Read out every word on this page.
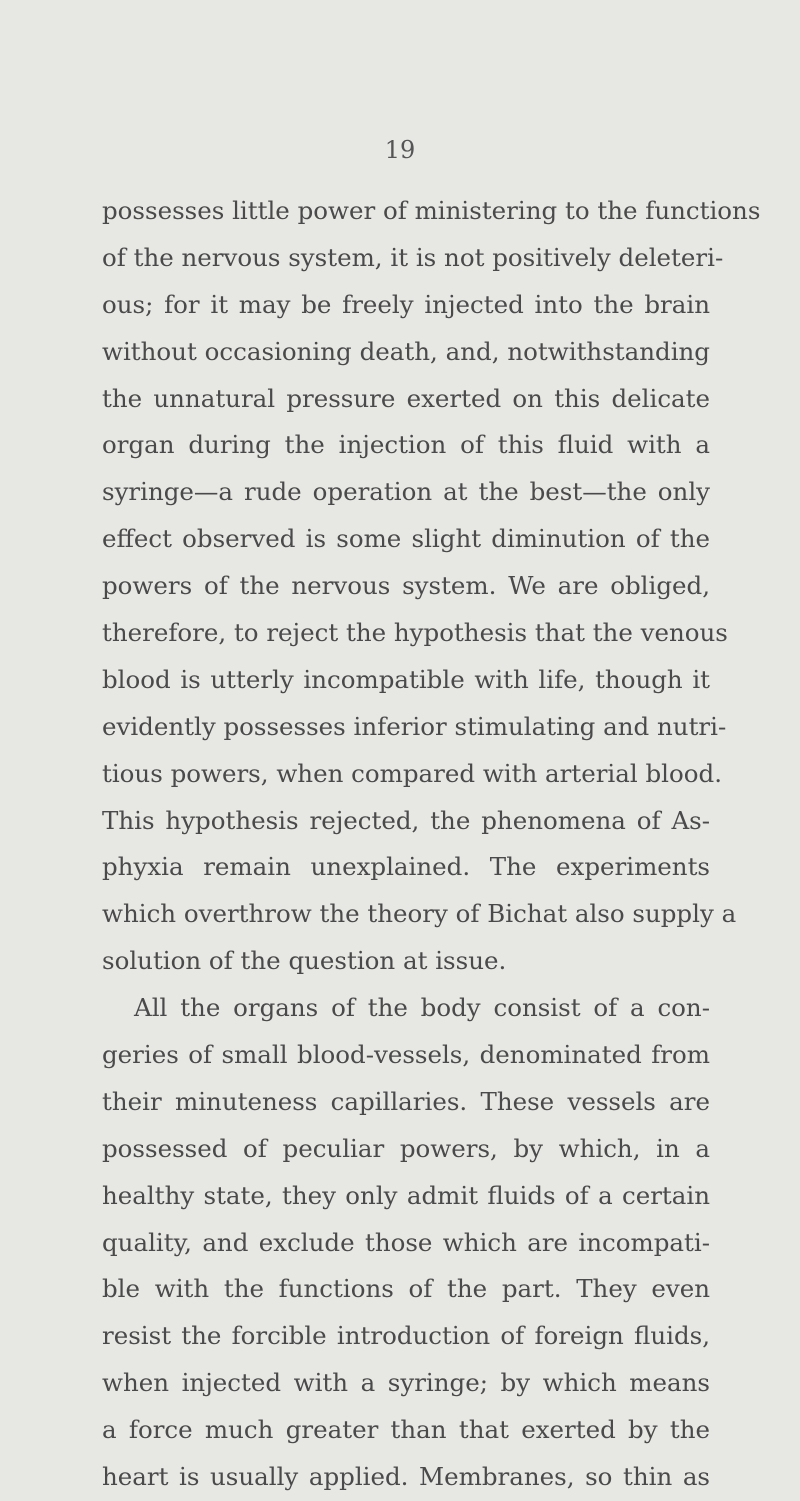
19
possesses little power of ministering to the functions
of the nervous system, it is not positively deleteri-
ous; for it may be freely injected into the brain
without occasioning death, and, notwithstanding
the unnatural pressure exerted on this delicate
organ during the injection of this fluid with a
syringe—a rude operation at the best—the only
effect observed is some slight diminution of the
powers of the nervous system. We are obliged,
therefore, to reject the hypothesis that the venous
blood is utterly incompatible with life, though it
evidently possesses inferior stimulating and nutri-
tious powers, when compared with arterial blood.
This hypothesis rejected, the phenomena of As-
phyxia remain unexplained. The experiments
which overthrow the theory of Bichat also supply a
solution of the question at issue.
All the organs of the body consist of a con-
geries of small blood-vessels, denominated from
their minuteness capillaries. These vessels are
possessed of peculiar powers, by which, in a
healthy state, they only admit fluids of a certain
quality, and exclude those which are incompati-
ble with the functions of the part. They even
resist the forcible introduction of foreign fluids,
when injected with a syringe; by which means
a force much greater than that exerted by the
heart is usually applied. Membranes, so thin as
